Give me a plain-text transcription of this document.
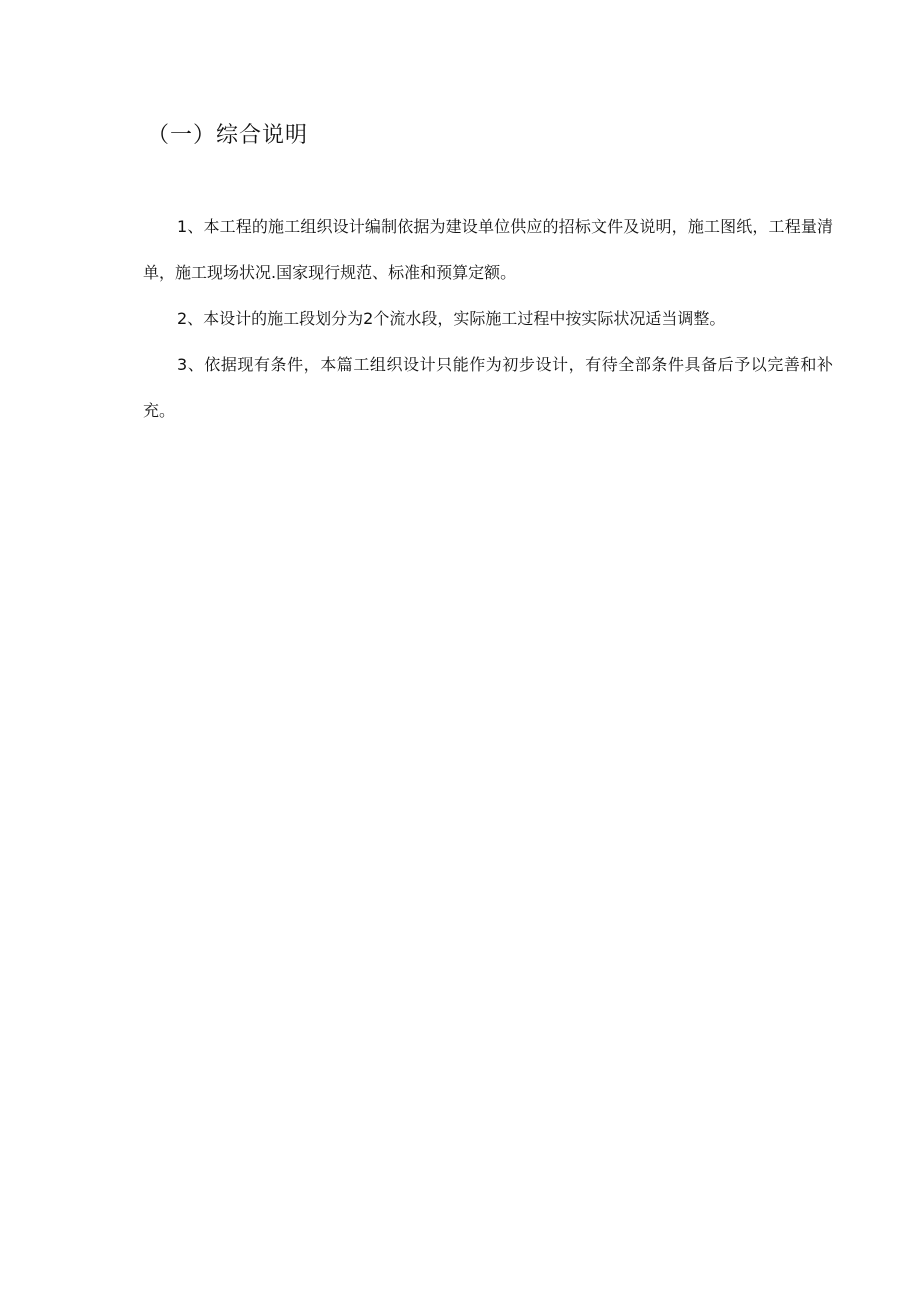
（一）综合说明

1、本工程的施工组织设计编制依据为建设单位供应的招标文件及说明，施工图纸，工程量清单，施工现场状况.国家现行规范、标准和预算定额。

2、本设计的施工段划分为2个流水段，实际施工过程中按实际状况适当调整。

3、依据现有条件，本篇工组织设计只能作为初步设计，有待全部条件具备后予以完善和补充。
